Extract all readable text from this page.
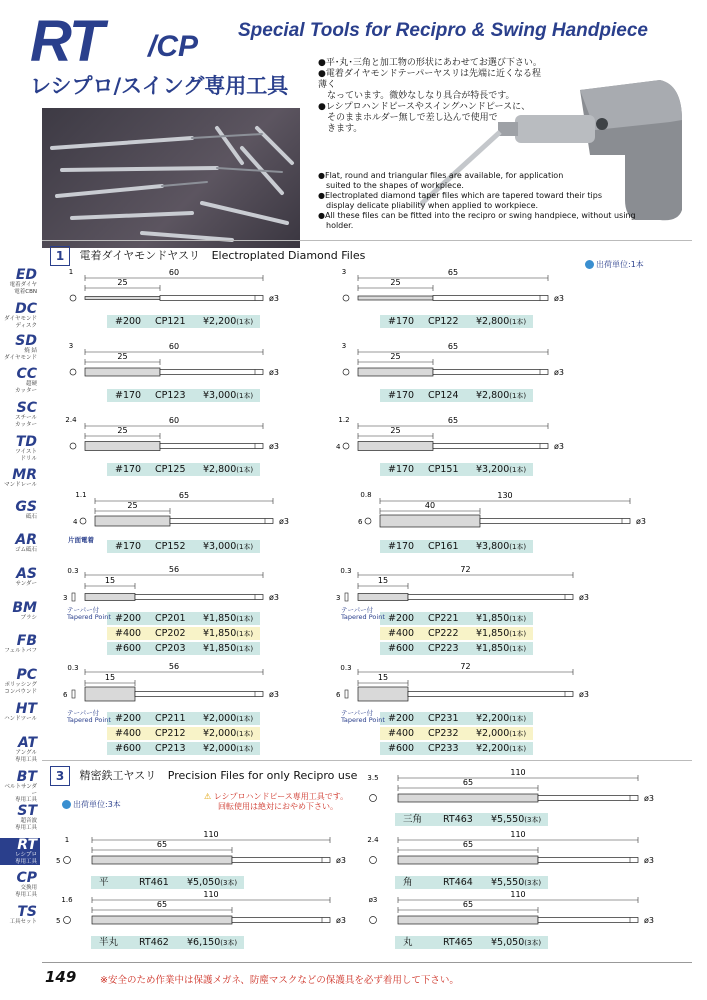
RT /CP Special Tools for Recipro & Swing Handpiece
レシプロ/スイング専用工具
●平･丸･三角と加工物の形状にあわせてお選び下さい。
●電着ダイヤモンドテーパーヤスリは先端に近くなる程薄く
　なっています。微妙なしなり具合が特長です。
●レシプロハンドピースやスイングハンドピースに、
　そのままホルダー無しで差し込んで使用で
　きます。
●Flat, round and triangular files are available, for application
　suited to the shapes of workpiece.
●Electroplated diamond taper files which are tapered toward their tips
　display delicate pliability when applied to workpiece.
●All these files can be fitted into the recipro or swing handpiece, without using
　holder.
ED
電着ダイヤ
電着CBN
DC
ダイヤモンド
ディスク
SD
焼 結
ダイヤモンド
CC
超硬
カッター
SC
スチール
カッター
TD
ツイスト
ドリル
MR
マンドレール
GS
砥石
AR
ゴム砥石
AS
サンダー
BM
ブラシ
FB
フェルトバフ
PC
ポリッシング
コンパウンド
HT
ハンドツール
AT
アングル
専用工具
BT
ベルトサンダー
専用工具
ST
超音波
専用工具
RT
レシプロ
専用工具
CP
交換用
専用工具
TS
工具セット
1 電着ダイヤモンドヤスリ Electroplated Diamond Files
出荷単位:1本
60
25
ø3
1	65
25
ø3
3
60
25
ø3
3	65
25
ø3
3
60
25
ø3
2.4	65
25
ø3
1.2
4
65
25
ø3
1.1
4
130
40
ø3
0.8
6
56
15
ø3
0.3
3
72
15
ø3
0.3
3
56
15
ø3
0.3
6
72
15
ø3
0.3
6
110
65
ø3
3.5
110
65
ø3
1
5
110
65
ø3
2.4
110
65
ø3
1.6
5
110
65
ø3
ø3
#200 CP121 ¥2,200(1本)	#170 CP122 ¥2,800(1本)
#170 CP123 ¥3,000(1本)	#170 CP124 ¥2,800(1本)
#170 CP125 ¥2,800(1本)	#170 CP151 ¥3,200(1本)
#170 CP152 ¥3,000(1本)	#170 CP161 ¥3,800(1本)
#200 CP201 ¥1,850(1本)
#400 CP202 ¥1,850(1本)
#600 CP203 ¥1,850(1本)
#200 CP221 ¥1,850(1本)
#400 CP222 ¥1,850(1本)
#600 CP223 ¥1,850(1本)
#200 CP211 ¥2,000(1本)
#400 CP212 ¥2,000(1本)
#600 CP213 ¥2,000(1本)
#200 CP231 ¥2,200(1本)
#400 CP232 ¥2,000(1本)
#600 CP233 ¥2,200(1本)
三角 RT463 ¥5,550(3本)
平	RT461 ¥5,050(3本)	角	RT464 ¥5,550(3本)
半丸 RT462 ¥6,150(3本)	丸	RT465 ¥5,050(3本)
テーパー付
Tapered Point
テーパー付
Tapered Point
テーパー付
Tapered Point
テーパー付
Tapered Point
片面電着
3 精密鉄工ヤスリ Precision Files for only Recipro use
出荷単位:3本
⚠ レシプロハンドピース専用工具です。
回転使用は絶対におやめ下さい。
149 ※安全のため作業中は保護メガネ、防塵マスクなどの保護具を必ず着用して下さい。
